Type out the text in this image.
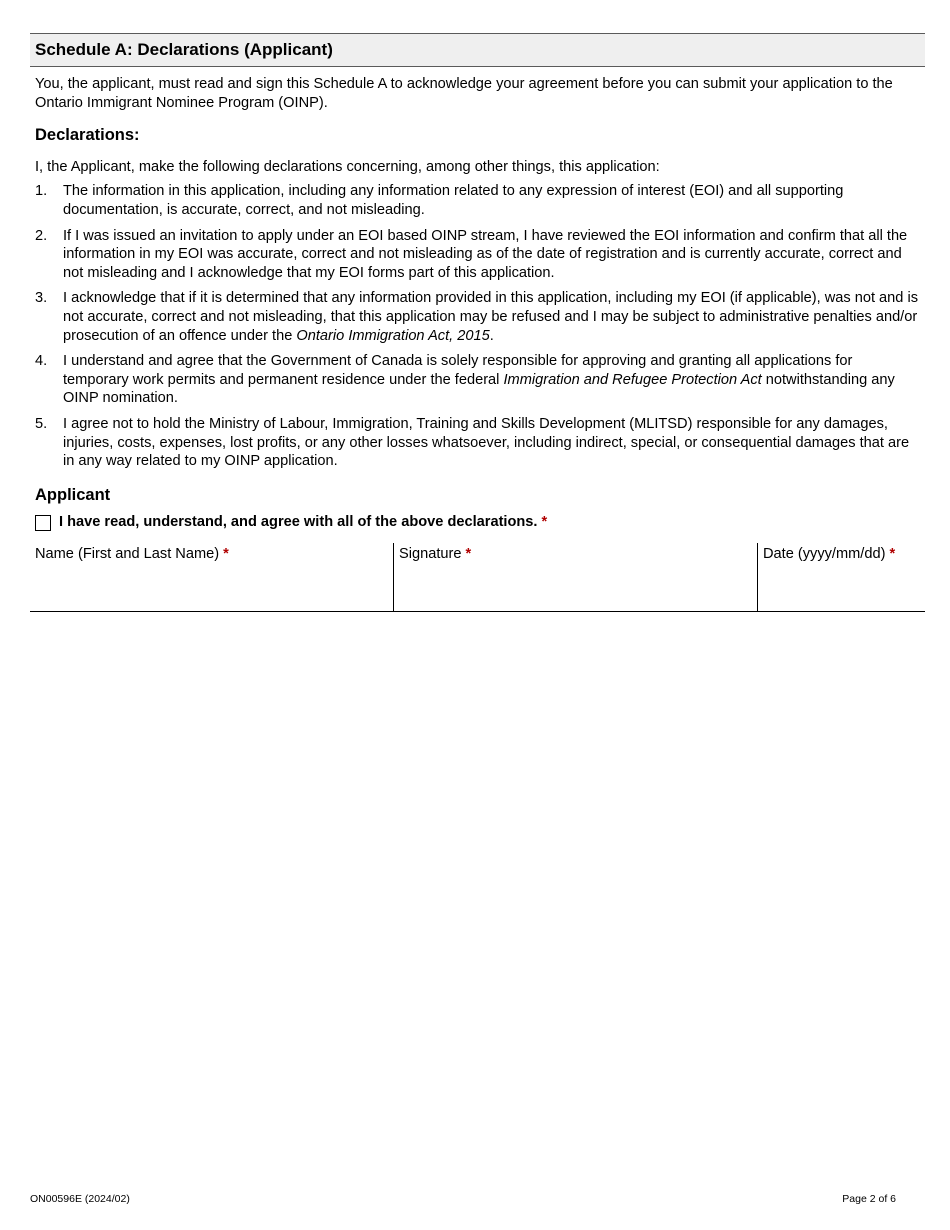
Schedule A: Declarations (Applicant)

You, the applicant, must read and sign this Schedule A to acknowledge your agreement before you can submit your application to the Ontario Immigrant Nominee Program (OINP).

Declarations:
I, the Applicant, make the following declarations concerning, among other things, this application:
1.	The information in this application, including any information related to any expression of interest (EOI) and all supporting documentation, is accurate, correct, and not misleading.
2.	If I was issued an invitation to apply under an EOI based OINP stream, I have reviewed the EOI information and confirm that all the information in my EOI was accurate, correct and not misleading as of the date of registration and is currently accurate, correct and not misleading and I acknowledge that my EOI forms part of this application.
3.	I acknowledge that if it is determined that any information provided in this application, including my EOI (if applicable), was not and is not accurate, correct and not misleading, that this application may be refused and I may be subject to administrative penalties and/or prosecution of an offence under the Ontario Immigration Act, 2015.
4.	I understand and agree that the Government of Canada is solely responsible for approving and granting all applications for temporary work permits and permanent residence under the federal Immigration and Refugee Protection Act notwithstanding any OINP nomination.
5.	I agree not to hold the Ministry of Labour, Immigration, Training and Skills Development (MLITSD) responsible for any damages, injuries, costs, expenses, lost profits, or any other losses whatsoever, including indirect, special, or consequential damages that are in any way related to my OINP application.
Applicant
I have read, understand, and agree with all of the above declarations.
*
Name (First and Last Name) *	Signature *	Date (yyyy/mm/dd) *
ON00596E (2024/02)	Page 2 of 6
